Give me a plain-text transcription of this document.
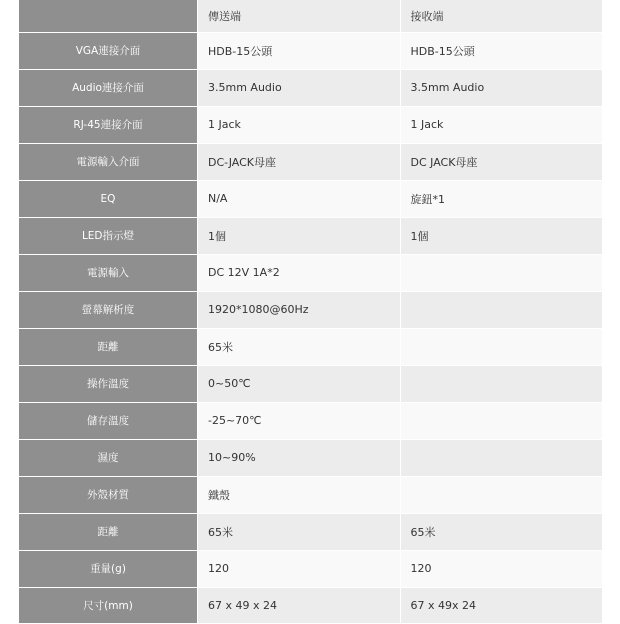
		傳送端	接收端
VGA連接介面		HDB-15公頭	HDB-15公頭
Audio連接介面		3.5mm Audio	3.5mm Audio
RJ-45連接介面		1 Jack	1 Jack
電源輸入介面		DC-JACK母座	DC JACK母座
EQ		N/A	旋鈕*1
LED指示燈		1個	1個
電源輸入		DC 12V 1A*2	
螢幕解析度		1920*1080@60Hz	
距離		65米	
操作溫度		0~50℃	
儲存溫度		-25~70℃	
濕度		10~90%	
外殼材質		鐵殼	
距離		65米	65米
重量(g)		120	120
尺寸(mm)		67 x 49 x 24	67 x 49x 24
